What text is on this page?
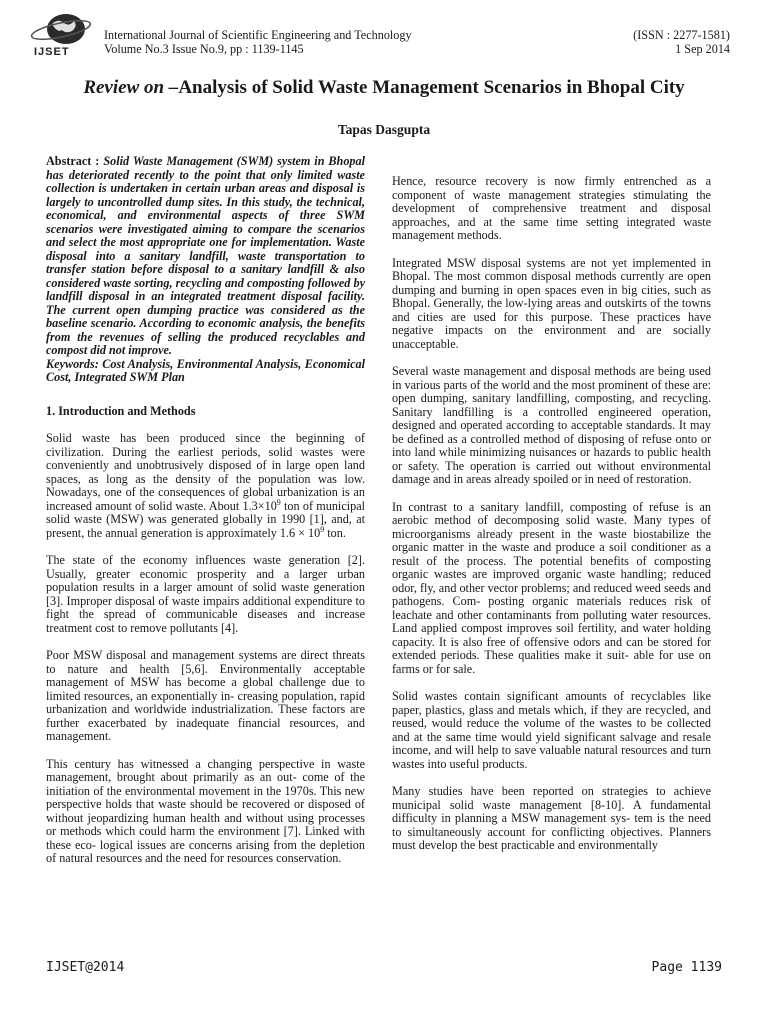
IJSET
International Journal of Scientific Engineering and Technology
Volume No.3 Issue No.9, pp : 1139-1145
(ISSN : 2277-1581)
1 Sep 2014
Review on –Analysis of Solid Waste Management Scenarios in Bhopal City
Tapas Dasgupta

Abstract : Solid Waste Management (SWM) system in Bhopal has deteriorated recently to the point that only limited waste collection is undertaken in certain urban areas and disposal is largely to uncontrolled dump sites. In this study, the technical, economical, and environmental aspects of three SWM scenarios were investigated aiming to compare the scenarios and select the most appropriate one for implementation. Waste disposal into a sanitary landfill, waste transportation to transfer station before disposal to a sanitary landfill & also considered waste sorting, recycling and composting followed by landfill disposal in an integrated treatment disposal facility. The current open dumping practice was considered as the baseline scenario. According to economic analysis, the benefits from the revenues of selling the produced recyclables and compost did not improve.

Keywords: Cost Analysis, Environmental Analysis, Economical Cost, Integrated SWM Plan

1. Introduction and Methods

Solid waste has been produced since the beginning of civilization. During the earliest periods, solid wastes were conveniently and unobtrusively disposed of in large open land spaces, as long as the density of the population was low. Nowadays, one of the consequences of global urbanization is an increased amount of solid waste. About $1.3\times 10^9$ ton of municipal solid waste (MSW) was generated globally in 1990 [1], and, at present, the annual generation is approximately $1.6 \times 10^9$ ton.

The state of the economy influences waste generation [2]. Usually, greater economic prosperity and a larger urban population results in a larger amount of solid waste generation [3]. Improper disposal of waste impairs additional expenditure to fight the spread of communicable diseases and increase treatment cost to remove pollutants [4].

Poor MSW disposal and management systems are direct threats to nature and health [5,6]. Environmentally acceptable management of MSW has become a global challenge due to limited resources, an exponentially in- creasing population, rapid urbanization and worldwide industrialization. These factors are further exacerbated by inadequate financial resources, and management.

This century has witnessed a changing perspective in waste management, brought about primarily as an out- come of the initiation of the environmental movement in the 1970s. This new perspective holds that waste should be recovered or disposed of without jeopardizing human health and without using processes or methods which could harm the environment [7]. Linked with these eco- logical issues are concerns arising from the depletion of natural resources and the need for resources conservation.

Hence, resource recovery is now firmly entrenched as a component of waste management strategies stimulating the development of comprehensive treatment and disposal approaches, and at the same time setting integrated waste management methods.

Integrated MSW disposal systems are not yet implemented in Bhopal. The most common disposal methods currently are open dumping and burning in open spaces even in big cities, such as Bhopal. Generally, the low-lying areas and outskirts of the towns and cities are used for this purpose. These practices have negative impacts on the environment and are socially unacceptable.

Several waste management and disposal methods are being used in various parts of the world and the most prominent of these are: open dumping, sanitary landfilling, composting, and recycling. Sanitary landfilling is a controlled engineered operation, designed and operated according to acceptable standards. It may be defined as a controlled method of disposing of refuse onto or into land while minimizing nuisances or hazards to public health or safety. The operation is carried out without environmental damage and in areas already spoiled or in need of restoration.

In contrast to a sanitary landfill, composting of refuse is an aerobic method of decomposing solid waste. Many types of microorganisms already present in the waste biostabilize the organic matter in the waste and produce a soil conditioner as a result of the process. The potential benefits of composting organic wastes are improved organic waste handling; reduced odor, fly, and other vector problems; and reduced weed seeds and pathogens. Com- posting organic materials reduces risk of leachate and other contaminants from polluting water resources. Land applied compost improves soil fertility, and water holding capacity. It is also free of offensive odors and can be stored for extended periods. These qualities make it suit- able for use on farms or for sale.

Solid wastes contain significant amounts of recyclables like paper, plastics, glass and metals which, if they are recycled, and reused, would reduce the volume of the wastes to be collected and at the same time would yield significant salvage and resale income, and will help to save valuable natural resources and turn wastes into useful products.

Many studies have been reported on strategies to achieve municipal solid waste management [8-10]. A fundamental difficulty in planning a MSW management sys- tem is the need to simultaneously account for conflicting objectives. Planners must develop the best practicable and environmentally

IJSET@2014	Page 1139
